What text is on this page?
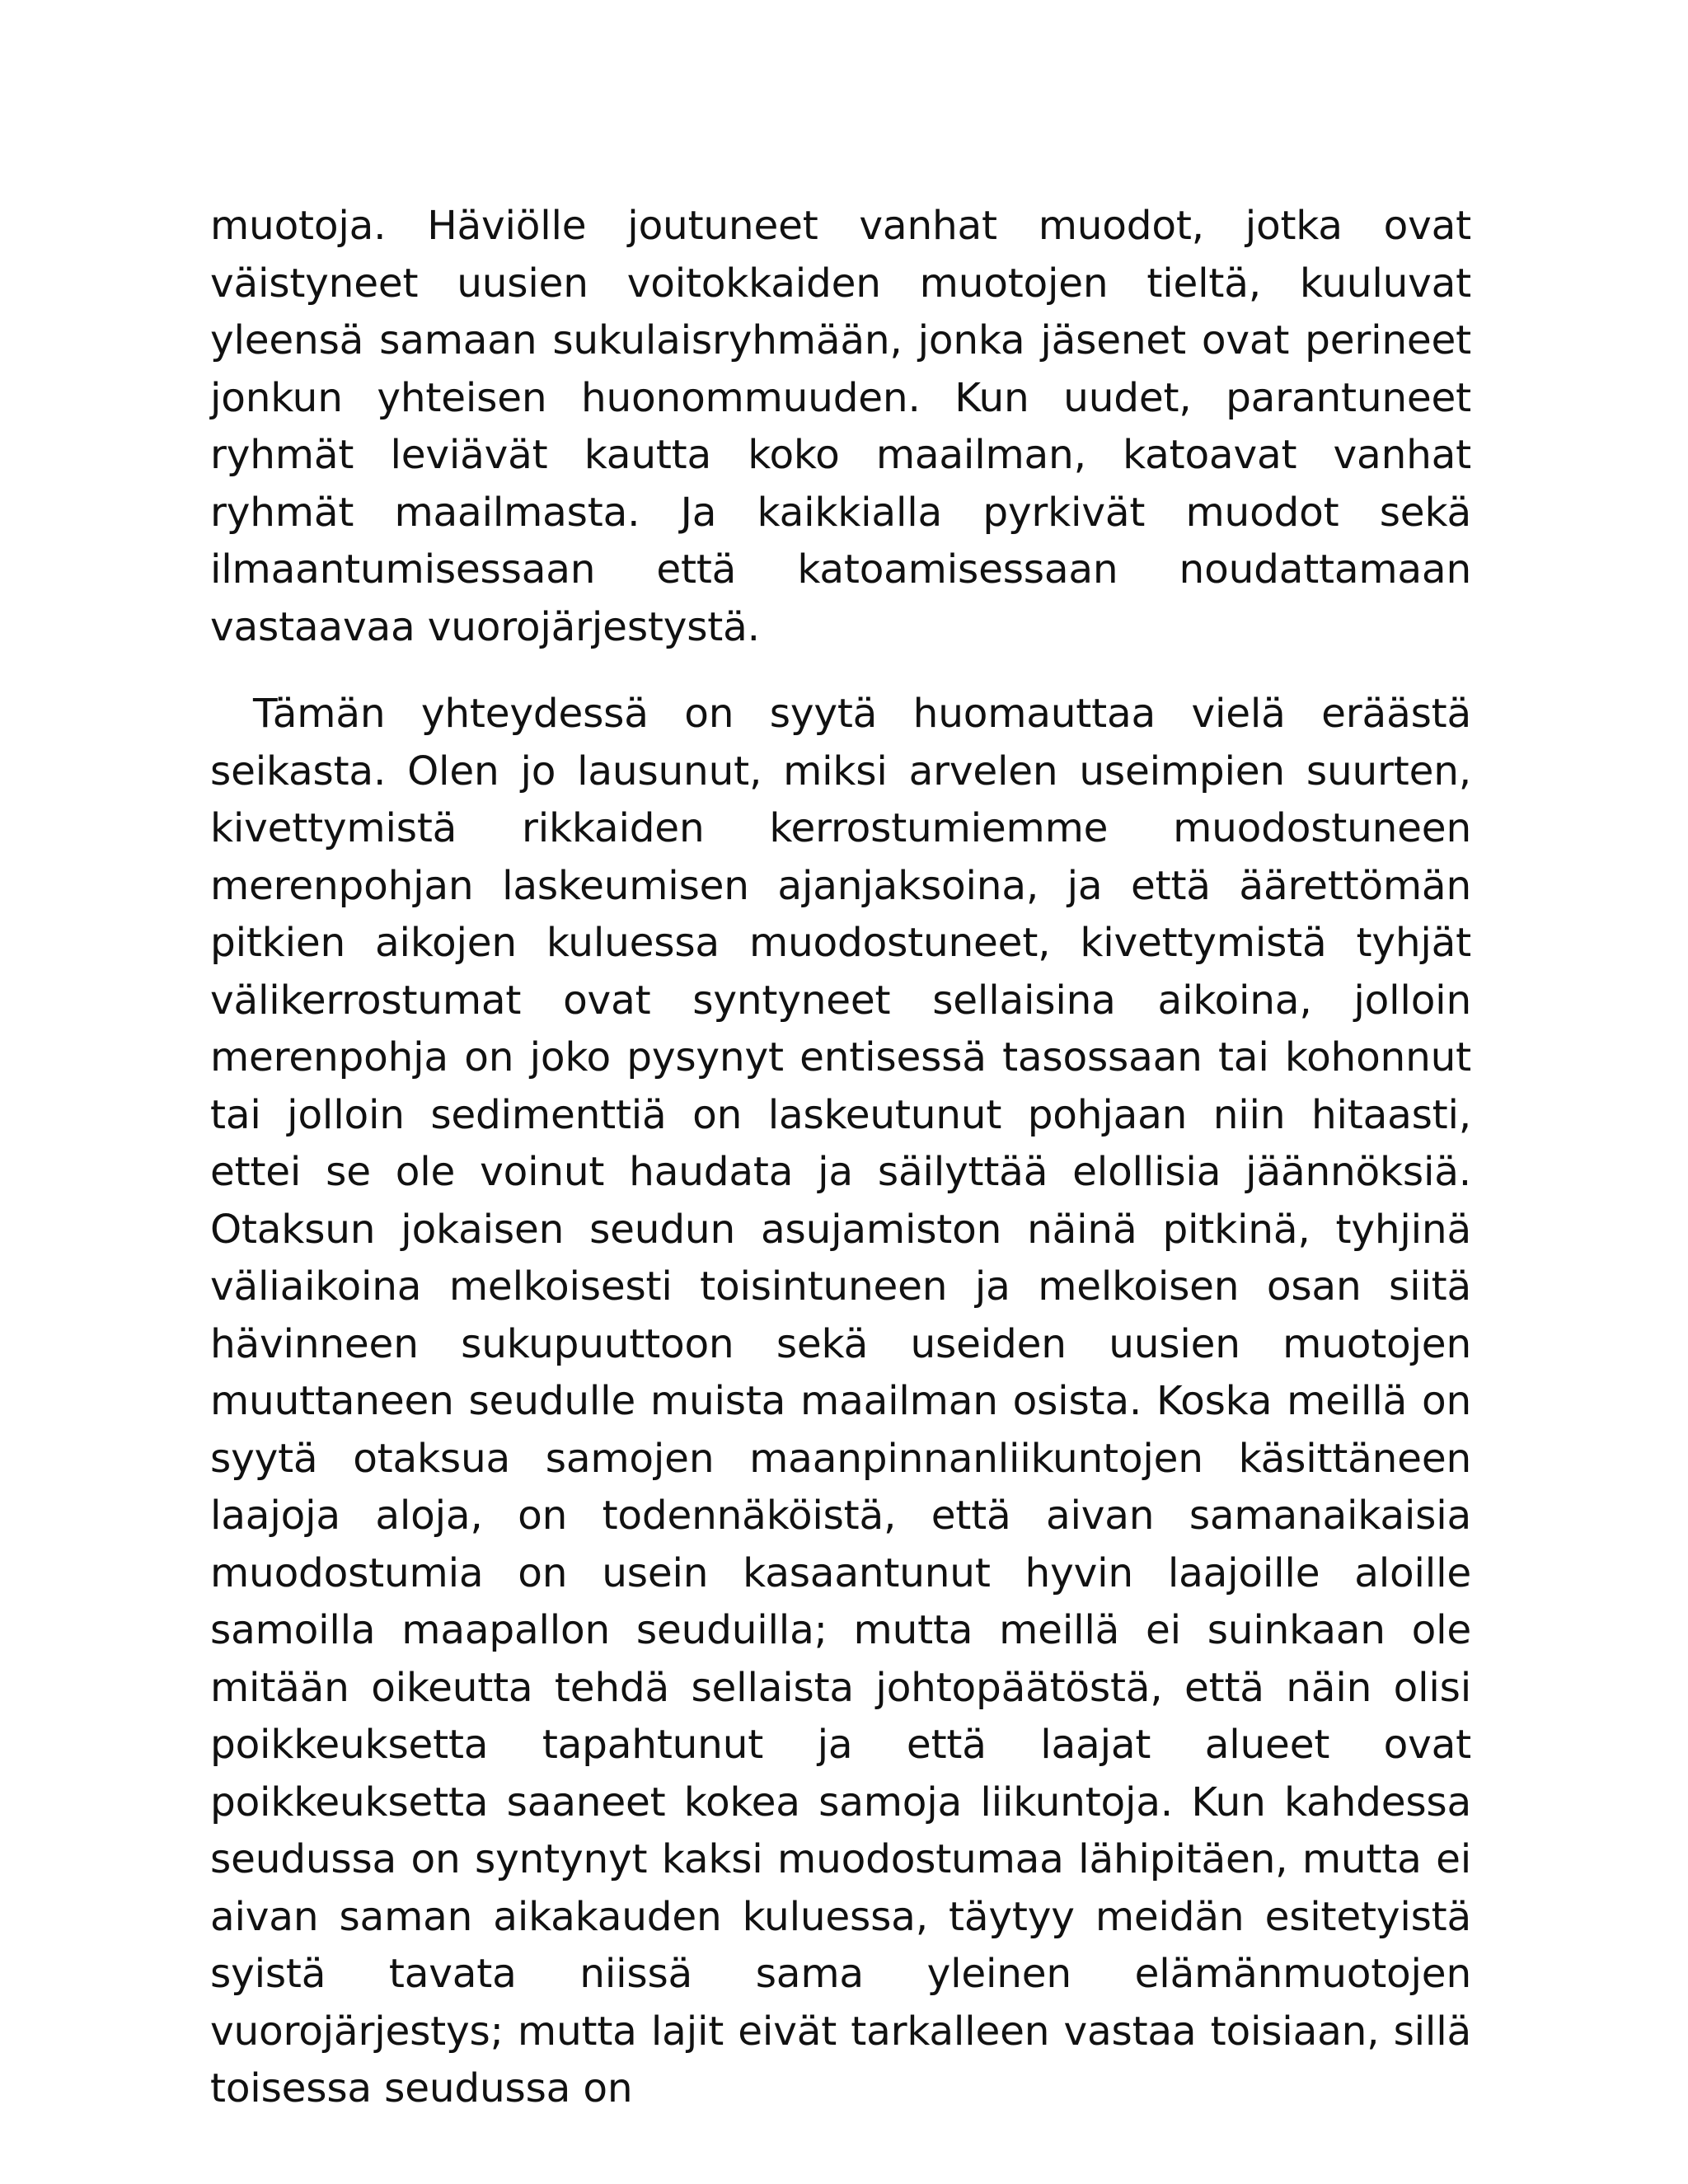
muotoja. Häviölle joutuneet vanhat muodot, jotka ovat väistyneet uusien voitokkaiden muotojen tieltä, kuuluvat yleensä samaan sukulaisryhmään, jonka jäsenet ovat perineet jonkun yhteisen huonommuuden. Kun uudet, parantuneet ryhmät leviävät kautta koko maailman, katoavat vanhat ryhmät maailmasta. Ja kaikkialla pyrkivät muodot sekä ilmaantumisessaan että katoamisessaan noudattamaan vastaavaa vuorojärjestystä.

Tämän yhteydessä on syytä huomauttaa vielä eräästä seikasta. Olen jo lausunut, miksi arvelen useimpien suurten, kivettymistä rikkaiden kerrostumiemme muodostuneen merenpohjan laskeumisen ajanjaksoina, ja että äärettömän pitkien aikojen kuluessa muodostuneet, kivettymistä tyhjät välikerrostumat ovat syntyneet sellaisina aikoina, jolloin merenpohja on joko pysynyt entisessä tasossaan tai kohonnut tai jolloin sedimenttiä on laskeutunut pohjaan niin hitaasti, ettei se ole voinut haudata ja säilyttää elollisia jäännöksiä. Otaksun jokaisen seudun asujamiston näinä pitkinä, tyhjinä väliaikoina melkoisesti toisintuneen ja melkoisen osan siitä hävinneen sukupuuttoon sekä useiden uusien muotojen muuttaneen seudulle muista maailman osista. Koska meillä on syytä otaksua samojen maanpinnanliikuntojen käsittäneen laajoja aloja, on todennäköistä, että aivan samanaikaisia muodostumia on usein kasaantunut hyvin laajoille aloille samoilla maapallon seuduilla; mutta meillä ei suinkaan ole mitään oikeutta tehdä sellaista johtopäätöstä, että näin olisi poikkeuksetta tapahtunut ja että laajat alueet ovat poikkeuksetta saaneet kokea samoja liikuntoja. Kun kahdessa seudussa on syntynyt kaksi muodostumaa lähipitäen, mutta ei aivan saman aikakauden kuluessa, täytyy meidän esitetyistä syistä tavata niissä sama yleinen elämänmuotojen vuorojärjestys; mutta lajit eivät tarkalleen vastaa toisiaan, sillä toisessa seudussa on
